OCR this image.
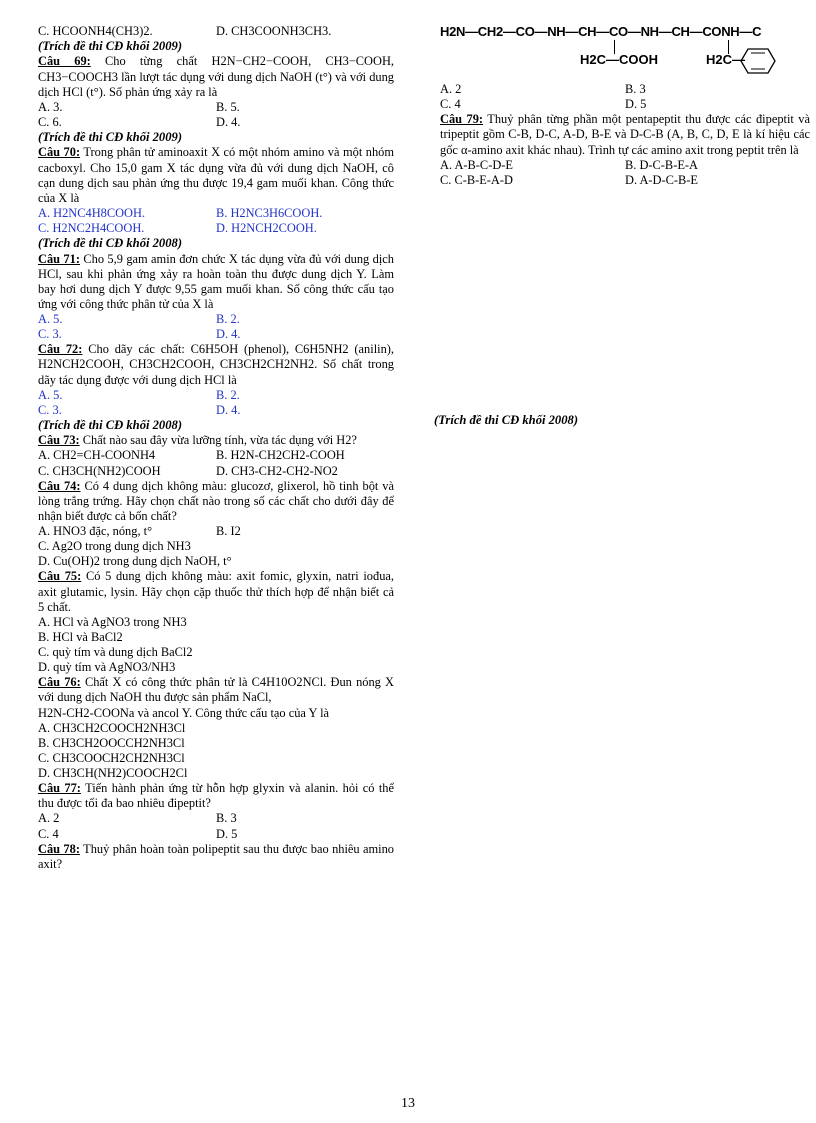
C. HCOONH4(CH3)2.	D. CH3COONH3CH3.
(Trích đề thi CĐ khối 2009)

Câu 69: Cho từng chất H2N−CH2−COOH, CH3−COOH, CH3−COOCH3 lần lượt tác dụng với dung dịch NaOH (t°) và với dung dịch HCl (t°). Số phản ứng xảy ra là

A. 3.	B. 5.
C. 6.	D. 4.
(Trích đề thi CĐ khối 2009)

Câu 70: Trong phân tử aminoaxit X có một nhóm amino và một nhóm cacboxyl. Cho 15,0 gam X tác dụng vừa đủ với dung dịch NaOH, cô cạn dung dịch sau phản ứng thu được 19,4 gam muối khan. Công thức của X là

A. H2NC4H8COOH.	B. H2NC3H6COOH.
C. H2NC2H4COOH.	D. H2NCH2COOH.
(Trích đề thi CĐ khối 2008)

Câu 71: Cho 5,9 gam amin đơn chức X tác dụng vừa đủ với dung dịch HCl, sau khi phản ứng xảy ra hoàn toàn thu được dung dịch Y. Làm bay hơi dung dịch Y được 9,55 gam muối khan. Số công thức cấu tạo ứng với công thức phân tử của X là

A. 5.	B. 2.
C. 3.	D. 4.

Câu 72: Cho dãy các chất: C6H5OH (phenol), C6H5NH2 (anilin), H2NCH2COOH, CH3CH2COOH, CH3CH2CH2NH2. Số chất trong dãy tác dụng được với dung dịch HCl là

A. 5.	B. 2.
C. 3.	D. 4.
(Trích đề thi CĐ khối 2008)

Câu 73: Chất nào sau đây vừa lưỡng tính, vừa tác dụng với H2?

A. CH2=CH-COONH4	B. H2N-CH2CH2-COOH
C. CH3CH(NH2)COOH	D. CH3-CH2-CH2-NO2

Câu 74: Có 4 dung dịch không màu: glucozơ, glixerol, hồ tinh bột và lòng trắng trứng. Hãy chọn chất nào trong số các chất cho dưới đây để nhận biết được cả bốn chất?

A. HNO3 đặc, nóng, t°	B. I2
C. Ag2O trong dung dịch NH3
D. Cu(OH)2 trong dung dịch NaOH, t°

Câu 75: Có 5 dung dịch không màu: axit fomic, glyxin, natri iođua, axit glutamic, lysin. Hãy chọn cặp thuốc thử thích hợp để nhận biết cả 5 chất.

A. HCl và AgNO3 trong NH3
B. HCl và BaCl2
C. quỳ tím và dung dịch BaCl2
D. quỳ tím và AgNO3/NH3

Câu 76: Chất X có công thức phân tử là C4H10O2NCl. Đun nóng X với dung dịch NaOH thu được sản phẩm NaCl,

H2N-CH2-COONa và ancol Y. Công thức cấu tạo của Y là
A. CH3CH2COOCH2NH3Cl
B. CH3CH2OOCCH2NH3Cl
C. CH3COOCH2CH2NH3Cl
D. CH3CH(NH2)COOCH2Cl

Câu 77: Tiến hành phản ứng từ hỗn hợp glyxin và alanin. hỏi có thể thu được tối đa bao nhiêu đipeptit?

A. 2	B. 3
C. 4	D. 5

Câu 78: Thuỷ phân hoàn toàn polipeptit sau thu được bao nhiêu amino axit?

H2N—CH2—CO—NH—CH—CO—NH—CH—CONH—C
H2C—COOH	H2C—
A. 2	B. 3
C. 4	D. 5

Câu 79: Thuỷ phân từng phần một pentapeptit thu được các đipeptit và tripeptit gồm C-B, D-C, A-D, B-E và D-C-B (A, B, C, D, E là kí hiệu các gốc α-amino axit khác nhau). Trình tự các amino axit trong peptit trên là

A. A-B-C-D-E	B. D-C-B-E-A
C. C-B-E-A-D	D. A-D-C-B-E
(Trích đề thi CĐ khối 2008)
13
